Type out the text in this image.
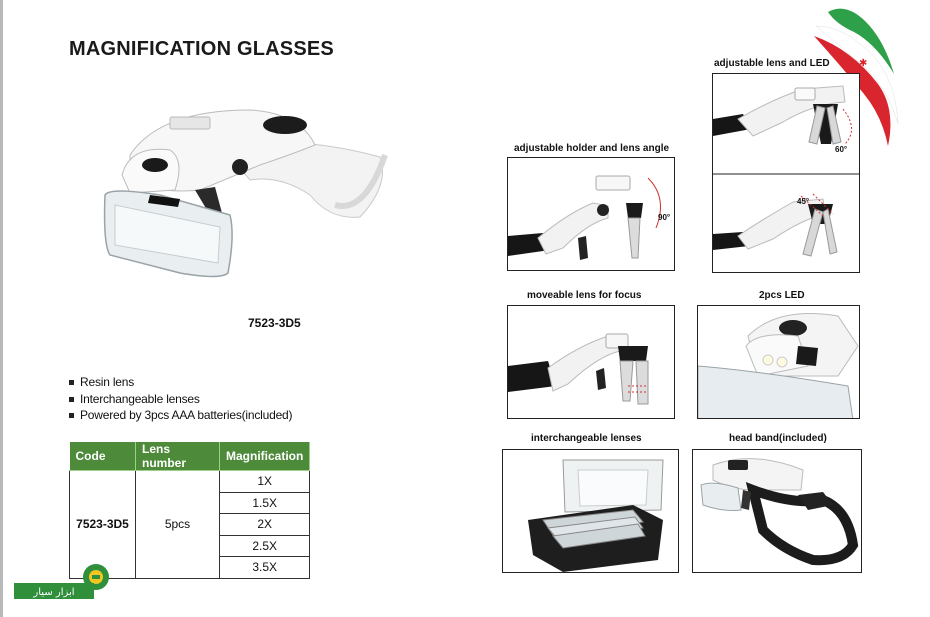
MAGNIFICATION GLASSES
7523-3D5
Resin lens
Interchangeable lenses
Powered by 3pcs AAA batteries(included)
Code	Lens number	Magnification
7523-3D5	5pcs	1X
		1.5X
		2X
		2.5X
		3.5X
✱
adjustable lens and LED
60°
45°
adjustable holder and lens angle
90°
moveable lens for focus	2pcs LED
interchangeable lenses	head band(included)
ابزار سیار
